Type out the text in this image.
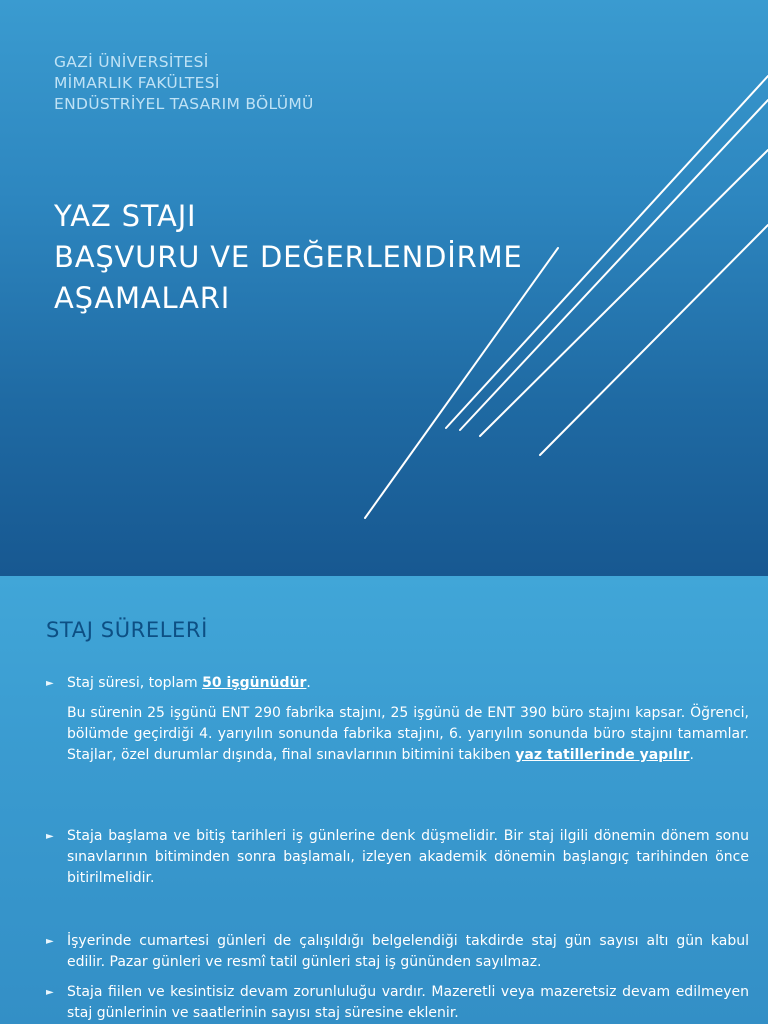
GAZİ ÜNİVERSİTESİ
MİMARLIK FAKÜLTESİ
ENDÜSTRİYEL TASARIM BÖLÜMÜ
YAZ STAJI
BAŞVURU VE DEĞERLENDİRME
AŞAMALARI
STAJ SÜRELERİ
► Staj süresi, toplam 50 işgünüdür.
Bu sürenin 25 işgünü ENT 290 fabrika stajını, 25 işgünü de ENT 390 büro stajını kapsar. Öğrenci, bölümde geçirdiği 4. yarıyılın sonunda fabrika stajını, 6. yarıyılın sonunda büro stajını tamamlar. Stajlar, özel durumlar dışında, final sınavlarının bitimini takiben yaz tatillerinde yapılır.
► Staja başlama ve bitiş tarihleri iş günlerine denk düşmelidir. Bir staj ilgili dönemin dönem sonu sınavlarının bitiminden sonra başlamalı, izleyen akademik dönemin başlangıç tarihinden önce bitirilmelidir.
► İşyerinde cumartesi günleri de çalışıldığı belgelendiği takdirde staj gün sayısı altı gün kabul edilir. Pazar günleri ve resmî tatil günleri staj iş gününden sayılmaz.
► Staja fiilen ve kesintisiz devam zorunluluğu vardır. Mazeretli veya mazeretsiz devam edilmeyen staj günlerinin ve saatlerinin sayısı staj süresine eklenir.
